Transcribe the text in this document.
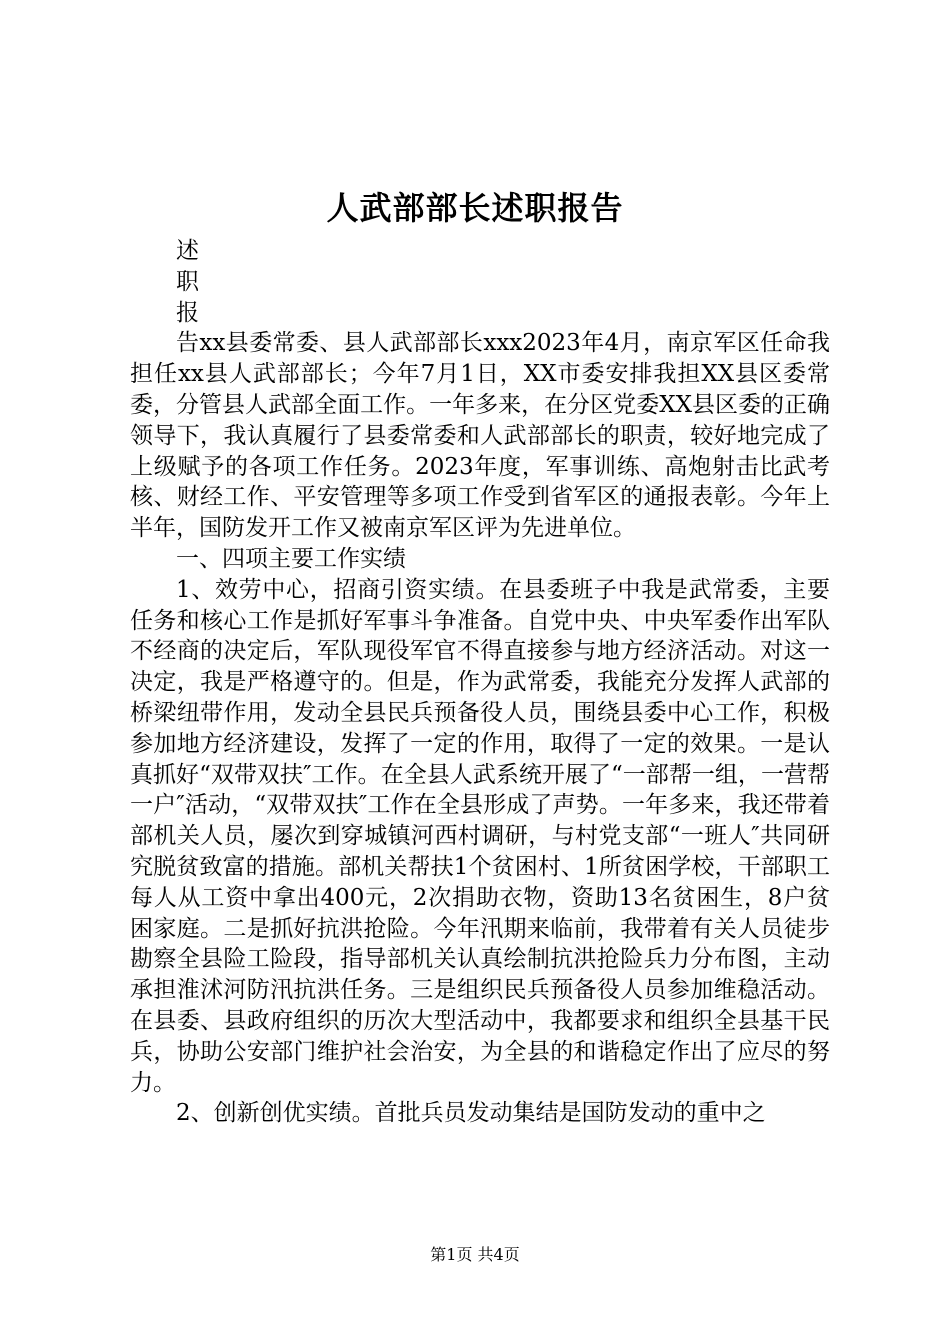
人武部部长述职报告
述
职
报

告xx县委常委、县人武部部长xxx2023年4月，南京军区任命我担任xx县人武部部长；今年7月1日，XX市委安排我担XX县区委常委，分管县人武部全面工作。一年多来，在分区党委XX县区委的正确领导下，我认真履行了县委常委和人武部部长的职责，较好地完成了上级赋予的各项工作任务。2023年度，军事训练、高炮射击比武考核、财经工作、平安管理等多项工作受到省军区的通报表彰。今年上半年，国防发开工作又被南京军区评为先进单位。

一、四项主要工作实绩

1、效劳中心，招商引资实绩。在县委班子中我是武常委，主要任务和核心工作是抓好军事斗争准备。自党中央、中央军委作出军队不经商的决定后，军队现役军官不得直接参与地方经济活动。对这一决定，我是严格遵守的。但是，作为武常委，我能充分发挥人武部的桥梁纽带作用，发动全县民兵预备役人员，围绕县委中心工作，积极参加地方经济建设，发挥了一定的作用，取得了一定的效果。一是认真抓好“双带双扶″工作。在全县人武系统开展了“一部帮一组，一营帮一户″活动，“双带双扶″工作在全县形成了声势。一年多来，我还带着部机关人员，屡次到穿城镇河西村调研，与村党支部“一班人″共同研究脱贫致富的措施。部机关帮扶1个贫困村、1所贫困学校，干部职工每人从工资中拿出400元，2次捐助衣物，资助13名贫困生，8户贫困家庭。二是抓好抗洪抢险。今年汛期来临前，我带着有关人员徒步勘察全县险工险段，指导部机关认真绘制抗洪抢险兵力分布图，主动承担淮沭河防汛抗洪任务。三是组织民兵预备役人员参加维稳活动。在县委、县政府组织的历次大型活动中，我都要求和组织全县基干民兵，协助公安部门维护社会治安，为全县的和谐稳定作出了应尽的努力。

2、创新创优实绩。首批兵员发动集结是国防发动的重中之

第1页 共4页
